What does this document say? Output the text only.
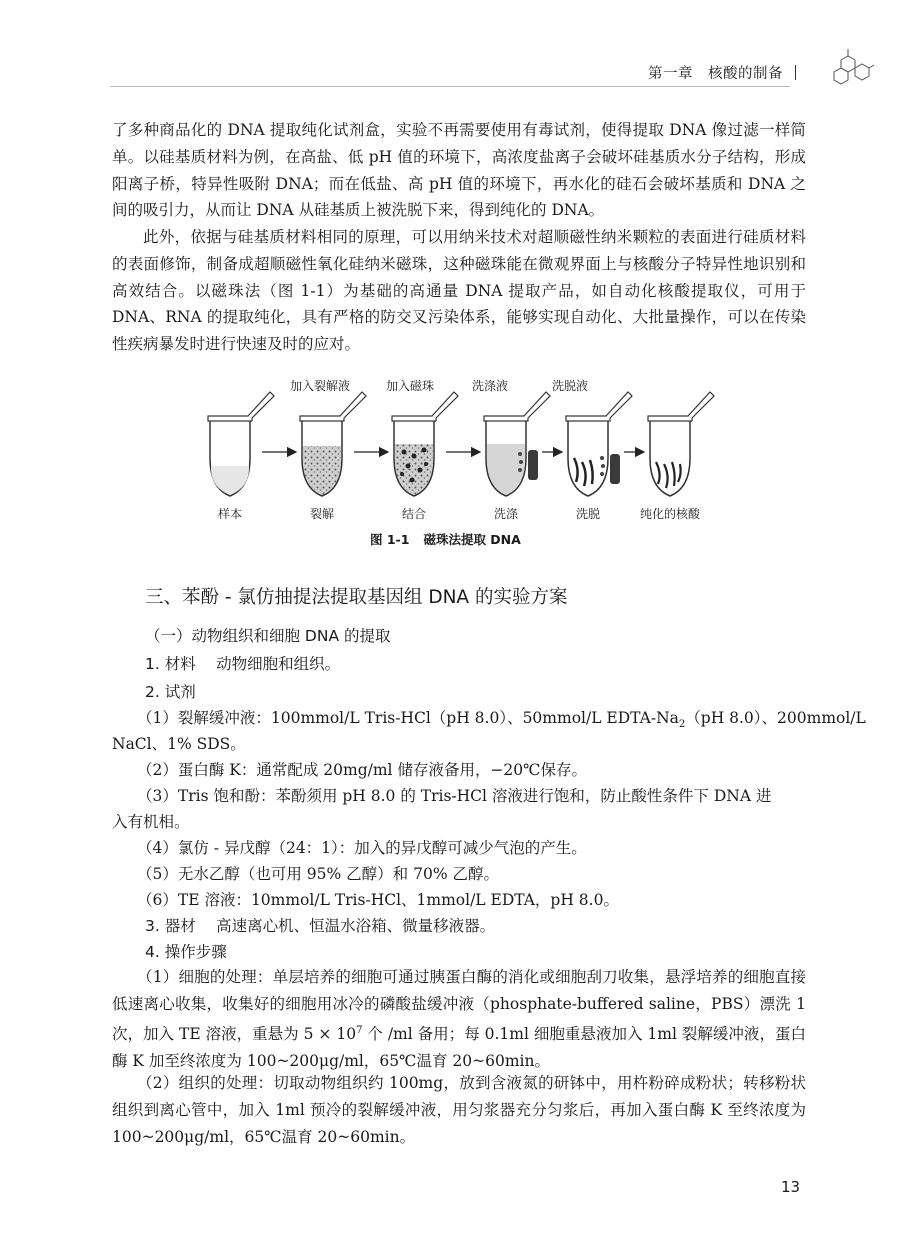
第一章　核酸的制备

了多种商品化的 DNA 提取纯化试剂盒，实验不再需要使用有毒试剂，使得提取 DNA 像过滤一样简单。以硅基质材料为例，在高盐、低 pH 值的环境下，高浓度盐离子会破坏硅基质水分子结构，形成阳离子桥，特异性吸附 DNA；而在低盐、高 pH 值的环境下，再水化的硅石会破坏基质和 DNA 之间的吸引力，从而让 DNA 从硅基质上被洗脱下来，得到纯化的 DNA。

此外，依据与硅基质材料相同的原理，可以用纳米技术对超顺磁性纳米颗粒的表面进行硅质材料的表面修饰，制备成超顺磁性氧化硅纳米磁珠，这种磁珠能在微观界面上与核酸分子特异性地识别和高效结合。以磁珠法（图 1-1）为基础的高通量 DNA 提取产品，如自动化核酸提取仪，可用于 DNA、RNA 的提取纯化，具有严格的防交叉污染体系，能够实现自动化、大批量操作，可以在传染性疾病暴发时进行快速及时的应对。

加入裂解液	加入磁珠	洗涤液	洗脱液
样本	裂解	结合	洗涤	洗脱	纯化的核酸
图 1-1 磁珠法提取 DNA
三、苯酚 - 氯仿抽提法提取基因组 DNA 的实验方案
（一）动物组织和细胞 DNA 的提取
1. 材料　 动物细胞和组织。
2. 试剂
（1）裂解缓冲液：100mmol/L Tris-HCl（pH 8.0）、50mmol/L EDTA-$Na_2(pH$ 8.0）、200mmol/L
NaCl、1% SDS。
（2）蛋白酶 K：通常配成 20mg/ml 储存液备用，−20℃保存。
（3）Tris 饱和酚：苯酚须用 pH 8.0 的 Tris-HCl 溶液进行饱和，防止酸性条件下 DNA 进
入有机相。
（4）氯仿 - 异戊醇（24：1）：加入的异戊醇可减少气泡的产生。
（5）无水乙醇（也可用 95% 乙醇）和 70% 乙醇。
（6）TE 溶液：10mmol/L Tris-HCl、1mmol/L EDTA，pH 8.0。
3. 器材　 高速离心机、恒温水浴箱、微量移液器。
4. 操作步骤

（1）细胞的处理：单层培养的细胞可通过胰蛋白酶的消化或细胞刮刀收集，悬浮培养的细胞直接低速离心收集，收集好的细胞用冰冷的磷酸盐缓冲液（phosphate-buffered saline，PBS）漂洗 1 次，加入 TE 溶液，重悬为 $5 \times 10^7$ 个 /ml 备用；每 0.1ml 细胞重悬液加入 1ml 裂解缓冲液，蛋白酶 K 加至终浓度为 100~200μg/ml，65℃温育 20~60min。

（2）组织的处理：切取动物组织约 100mg，放到含液氮的研钵中，用杵粉碎成粉状；转移粉状组织到离心管中，加入 1ml 预冷的裂解缓冲液，用匀浆器充分匀浆后，再加入蛋白酶 K 至终浓度为 100~200μg/ml，65℃温育 20~60min。

13
